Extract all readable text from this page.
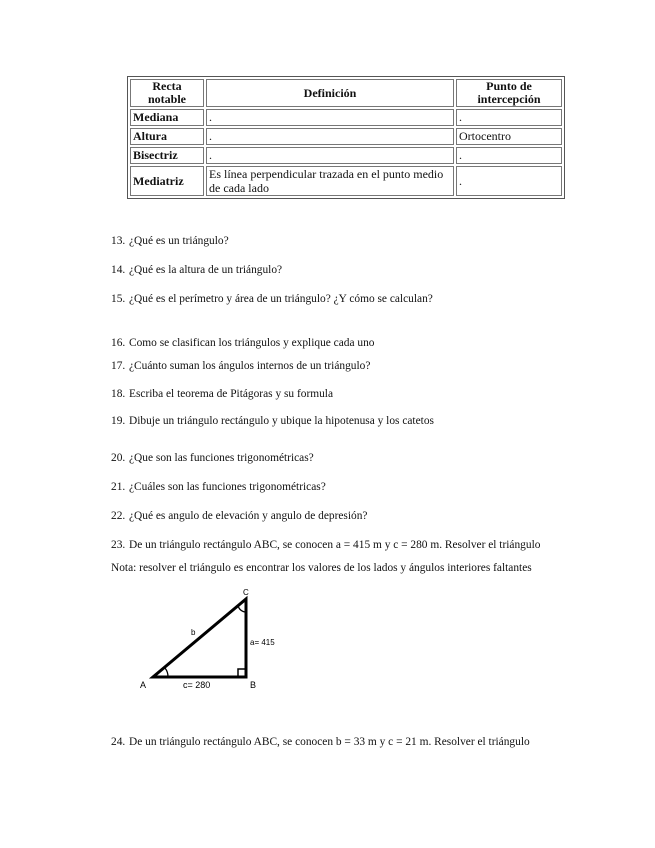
Recta notable	Definición	Punto de intercepción
Mediana	.	.
Altura	.	Ortocentro
Bisectriz	.	.
Mediatriz	Es línea perpendicular trazada en el punto medio de cada lado	.
13. ¿Qué es un triángulo?
14. ¿Qué es la altura de un triángulo?
15. ¿Qué es el perímetro y área de un triángulo? ¿Y cómo se calculan?
16. Como se clasifican los triángulos y explique cada uno
17. ¿Cuánto suman los ángulos internos de un triángulo?
18. Escriba el teorema de Pitágoras y su formula
19. Dibuje un triángulo rectángulo y ubique la hipotenusa y los catetos
20. ¿Que son las funciones trigonométricas?
21. ¿Cuáles son las funciones trigonométricas?
22. ¿Qué es angulo de elevación y angulo de depresión?
23. De un triángulo rectángulo ABC, se conocen a = 415 m y c = 280 m. Resolver el triángulo
Nota: resolver el triángulo es encontrar los valores de los lados y ángulos interiores faltantes
A	B
C
b
a= 415
c= 280
24. De un triángulo rectángulo ABC, se conocen b = 33 m y c = 21 m. Resolver el triángulo
